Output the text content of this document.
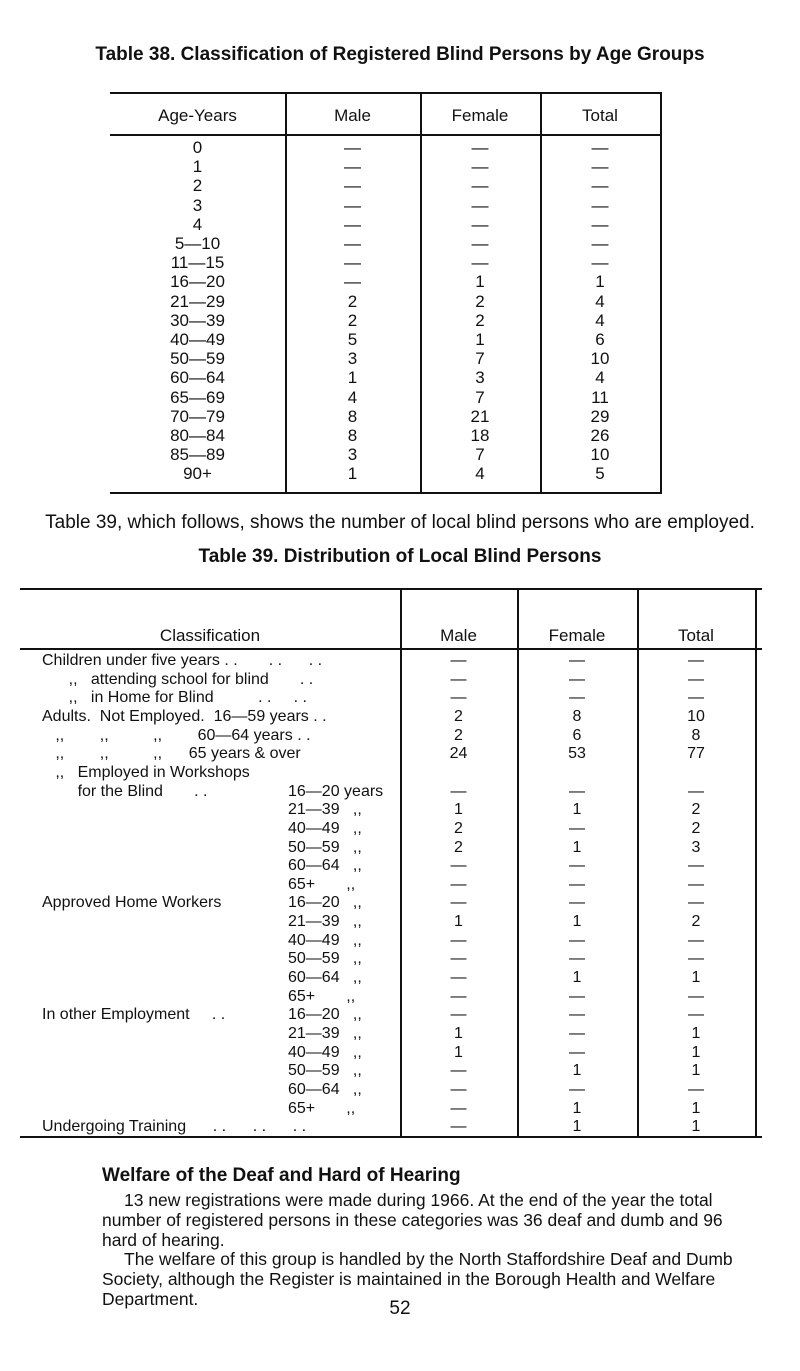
Table 38. Classification of Registered Blind Persons by Age Groups
Age-Years	Male	Female	Total
0	—	—	—
1	—	—	—
2	—	—	—
3	—	—	—
4	—	—	—
5—10	—	—	—
11—15	—	—	—
16—20	—	1	1
21—29	2	2	4
30—39	2	2	4
40—49	5	1	6
50—59	3	7	10
60—64	1	3	4
65—69	4	7	11
70—79	8	21	29
80—84	8	18	26
85—89	3	7	10
90+	1	4	5
Table 39, which follows, shows the number of local blind persons who are employed.
Table 39. Distribution of Local Blind Persons
Classification	Male	Female	Total
Children under five years . .       . .      . .	—	—	—
,,   attending school for blind       . .	—	—	—
,,   in Home for Blind          . .     . .	—	—	—
Adults.  Not Employed.  16—59 years . .	2	8	10
,,        ,,          ,,        60—64 years . .	2	6	8
,,        ,,          ,,      65 years & over	24	53	77
,,   Employed in Workshops
for the Blind       . .	16—20 years	—	—	—
21—39   ,,	1	1	2
40—49   ,,	2	—	2
50—59   ,,	2	1	3
60—64   ,,	—	—	—
65+       ,,	—	—	—
Approved Home Workers	16—20   ,,	—	—	—
21—39   ,,	1	1	2
40—49   ,,	—	—	—
50—59   ,,	—	—	—
60—64   ,,	—	1	1
65+       ,,	—	—	—
In other Employment     . .	16—20   ,,	—	—	—
21—39   ,,	1	—	1
40—49   ,,	1	—	1
50—59   ,,	—	1	1
60—64   ,,	—	—	—
65+       ,,	—	1	1
Undergoing Training      . .      . .      . .	—	1	1
Welfare of the Deaf and Hard of Hearing
13 new registrations were made during 1966. At the end of the year the total number of registered persons in these categories was 36 deaf and dumb and 96 hard of hearing.
The welfare of this group is handled by the North Staffordshire Deaf and Dumb Society, although the Register is maintained in the Borough Health and Welfare Department.	52
